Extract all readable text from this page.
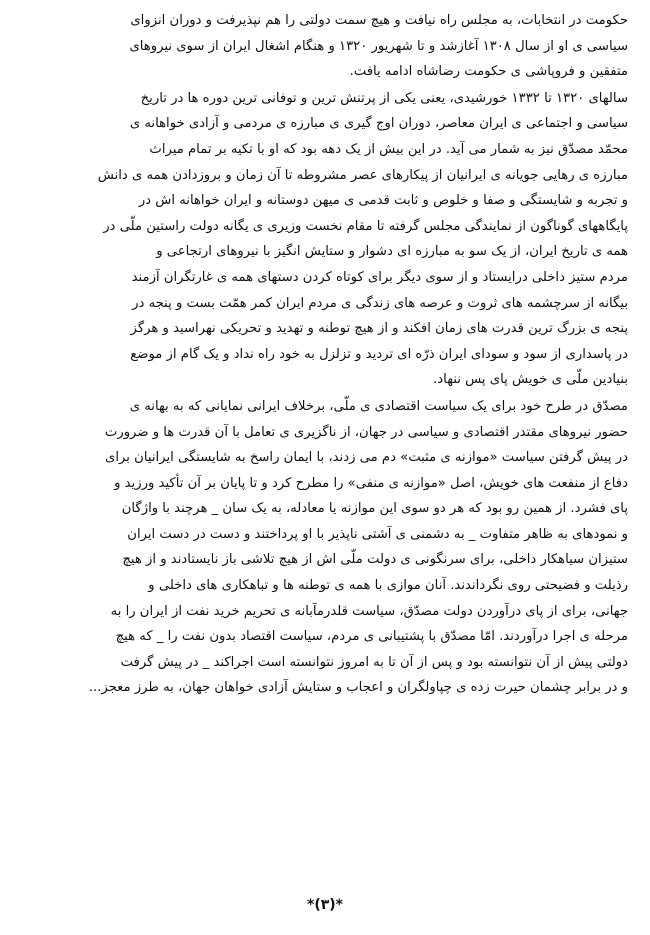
حکومت در انتخابات، به مجلس راه نیافت و هیچ سمت دولتی را هم نپذیرفت و دوران انزوای
سیاسی ی او از سال ۱۳۰۸ آغازشد و تا شهریور ۱۳۲۰ و هنگام اشغال ایران از سوی نیروهای
متفقین و فروپاشی ی حکومت رضاشاه ادامه یافت.

سالهای ۱۳۲۰ تا ۱۳۳۲ خورشیدی، یعنی یکی از پرتنش ترین و توفانی ترین دوره ها در تاریخ
سیاسی و اجتماعی ی ایران معاصر، دوران اوج گیری ی مبارزه ی مردمی و آزادی خواهانه ی
محمّد مصدّق نیز به شمار می آید. در این بیش از یک دهه بود که او با تکیه بر تمام میراث
مبارزه ی رهایی جویانه ی ایرانیان از پیکارهای عصر مشروطه تا آن زمان و بروزدادن همه ی دانش
و تجربه و شایستگی و صفا و خلوص و ثابت قدمی ی میهن دوستانه و ایران خواهانه اش در
پایگاههای گوناگون از نمایندگی مجلس گرفته تا مقام نخست وزیری ی یگانه دولت راستین ملّی در
همه ی تاریخ ایران، از یک سو به مبارزه ای دشوار و ستایش انگیز با نیروهای ارتجاعی و
مردم ستیز داخلی درایستاد و از سوی دیگر برای کوتاه کردن دستهای همه ی غارتگران آزمند
بیگانه از سرچشمه های ثروت و عرصه های زندگی ی مردم ایران کمر همّت بست و پنجه در
پنجه ی بزرگ ترین قدرت های زمان افکند و از هیچ توطنه و تهدید و تحریکی نهراسید و هرگز
در پاسداری از سود و سودای ایران ذرّه ای تردید و تزلزل به خود راه نداد و یک گام از موضع
بنیادین ملّی ی خویش پای پس ننهاد.

مصدّق در طرح خود برای یک سیاست اقتصادی ی ملّی، برخلاف ایرانی نمایانی که به بهانه ی
حضور نیروهای مقتدر اقتصادی و سیاسی در جهان، از ناگزیری ی تعامل با آن قدرت ها و ضرورت
در پیش گرفتن سیاست «موازنه ی مثبت» دم می زدند، با ایمان راسخ به شایستگی ایرانیان برای
دفاع از منفعت های خویش، اصل «موازنه ی منفی» را مطرح کرد و تا پایان بر آن تأکید ورزید و
پای فشرد. از همین رو بود که هر دو سوی این موازنه یا معادله، به یک سان _ هرچند با واژگان
و نمودهای به ظاهر متفاوت _ به دشمنی ی آشتی ناپذیر با او پرداختند و دست در دست ایران
ستیزان سیاهکار داخلی، برای سرنگونی ی دولت ملّی اش از هیچ تلاشی باز نایستادند و از هیچ
رذیلت و فضیحتی روی نگرداندند. آنان موازی با همه ی توطنه ها و تباهکاری های داخلی و
جهانی، برای از پای درآوردن دولت مصدّق، سیاست قلدرمآبانه ی تحریم خرید نفت از ایران را به
مرحله ی اجرا درآوردند. امّا مصدّق با پشتیبانی ی مردم، سیاست اقتصاد بدون نفت را _ که هیچ
دولتی پیش از آن نتوانسته بود و پس از آن تا به امروز نتوانسته است اجراکند _ در پیش گرفت
و در برابر چشمان حیرت زده ی چپاولگران و اعجاب و ستایش آزادی خواهان جهان، به طرز معجز...

*(۳)*
